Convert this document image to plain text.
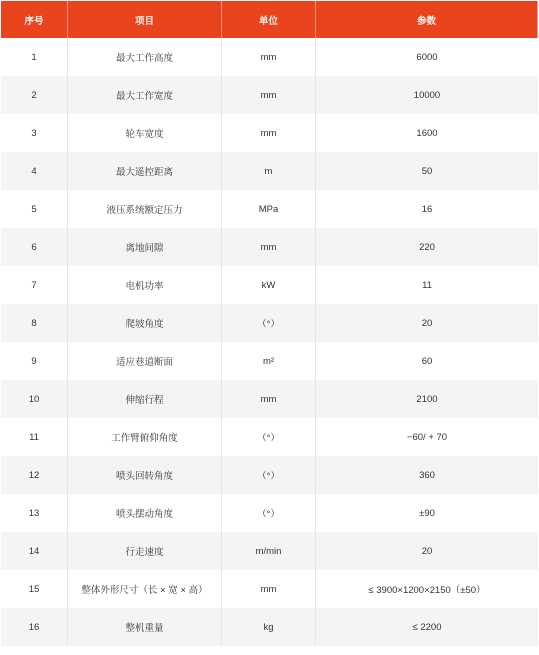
序号	项目	单位	参数
1	最大工作高度	mm	6000
2	最大工作宽度	mm	10000
3	轮车宽度	mm	1600
4	最大遥控距离	m	50
5	液压系统额定压力	MPa	16
6	离地间隙	mm	220
7	电机功率	kW	11
8	爬坡角度	（°）	20
9	适应巷道断面	m²	60
10	伸缩行程	mm	2100
11	工作臂俯仰角度	（°）	−60/ + 70
12	喷头回转角度	（°）	360
13	喷头摆动角度	（°）	±90
14	行走速度	m/min	20
15	整体外形尺寸（长 × 宽 × 高）	mm	≤ 3900×1200×2150（±50）
16	整机重量	kg	≤ 2200
